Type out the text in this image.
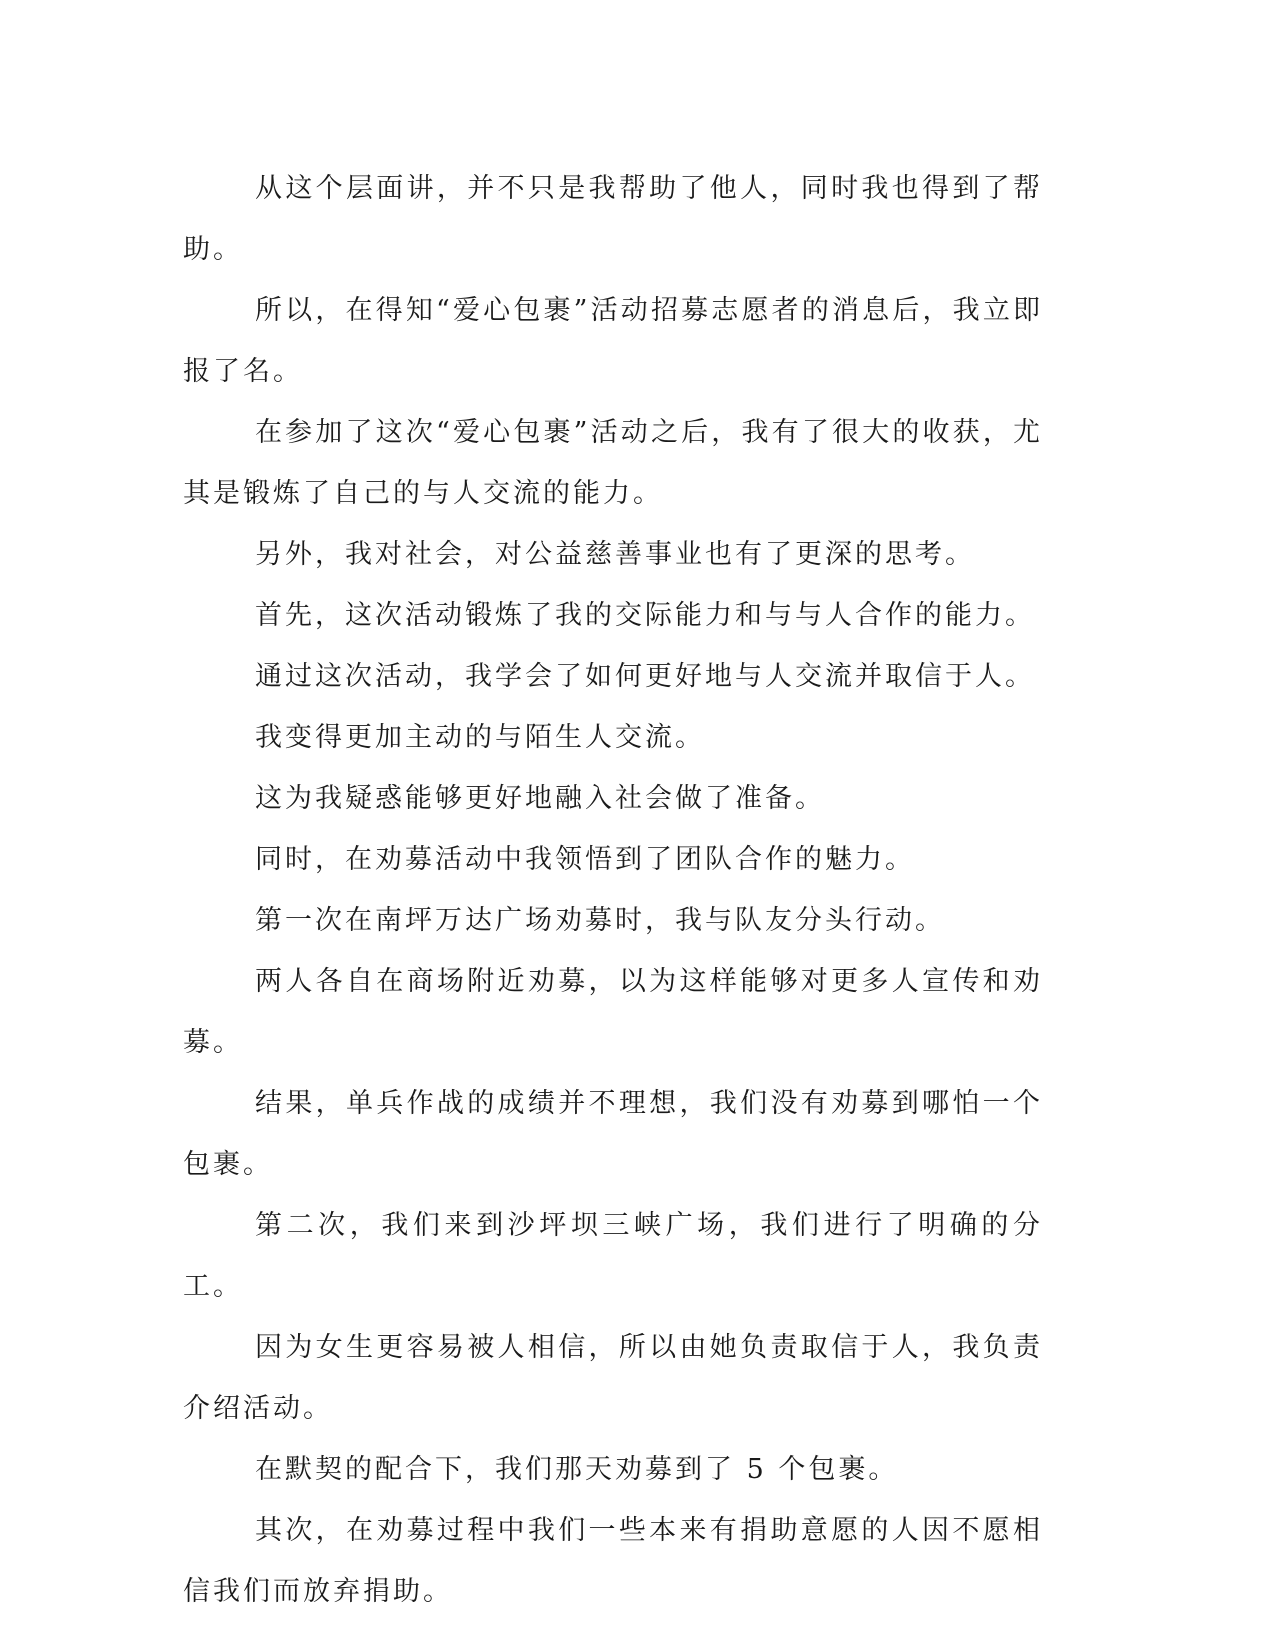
从这个层面讲，并不只是我帮助了他人，同时我也得到了帮助。

所以，在得知“爱心包裹”活动招募志愿者的消息后，我立即报了名。

在参加了这次“爱心包裹”活动之后，我有了很大的收获，尤其是锻炼了自己的与人交流的能力。

另外，我对社会，对公益慈善事业也有了更深的思考。

首先，这次活动锻炼了我的交际能力和与与人合作的能力。

通过这次活动，我学会了如何更好地与人交流并取信于人。

我变得更加主动的与陌生人交流。

这为我疑惑能够更好地融入社会做了准备。

同时，在劝募活动中我领悟到了团队合作的魅力。

第一次在南坪万达广场劝募时，我与队友分头行动。

两人各自在商场附近劝募，以为这样能够对更多人宣传和劝募。

结果，单兵作战的成绩并不理想，我们没有劝募到哪怕一个包裹。

第二次，我们来到沙坪坝三峡广场，我们进行了明确的分工。

因为女生更容易被人相信，所以由她负责取信于人，我负责介绍活动。

在默契的配合下，我们那天劝募到了 5 个包裹。

其次，在劝募过程中我们一些本来有捐助意愿的人因不愿相信我们而放弃捐助。
